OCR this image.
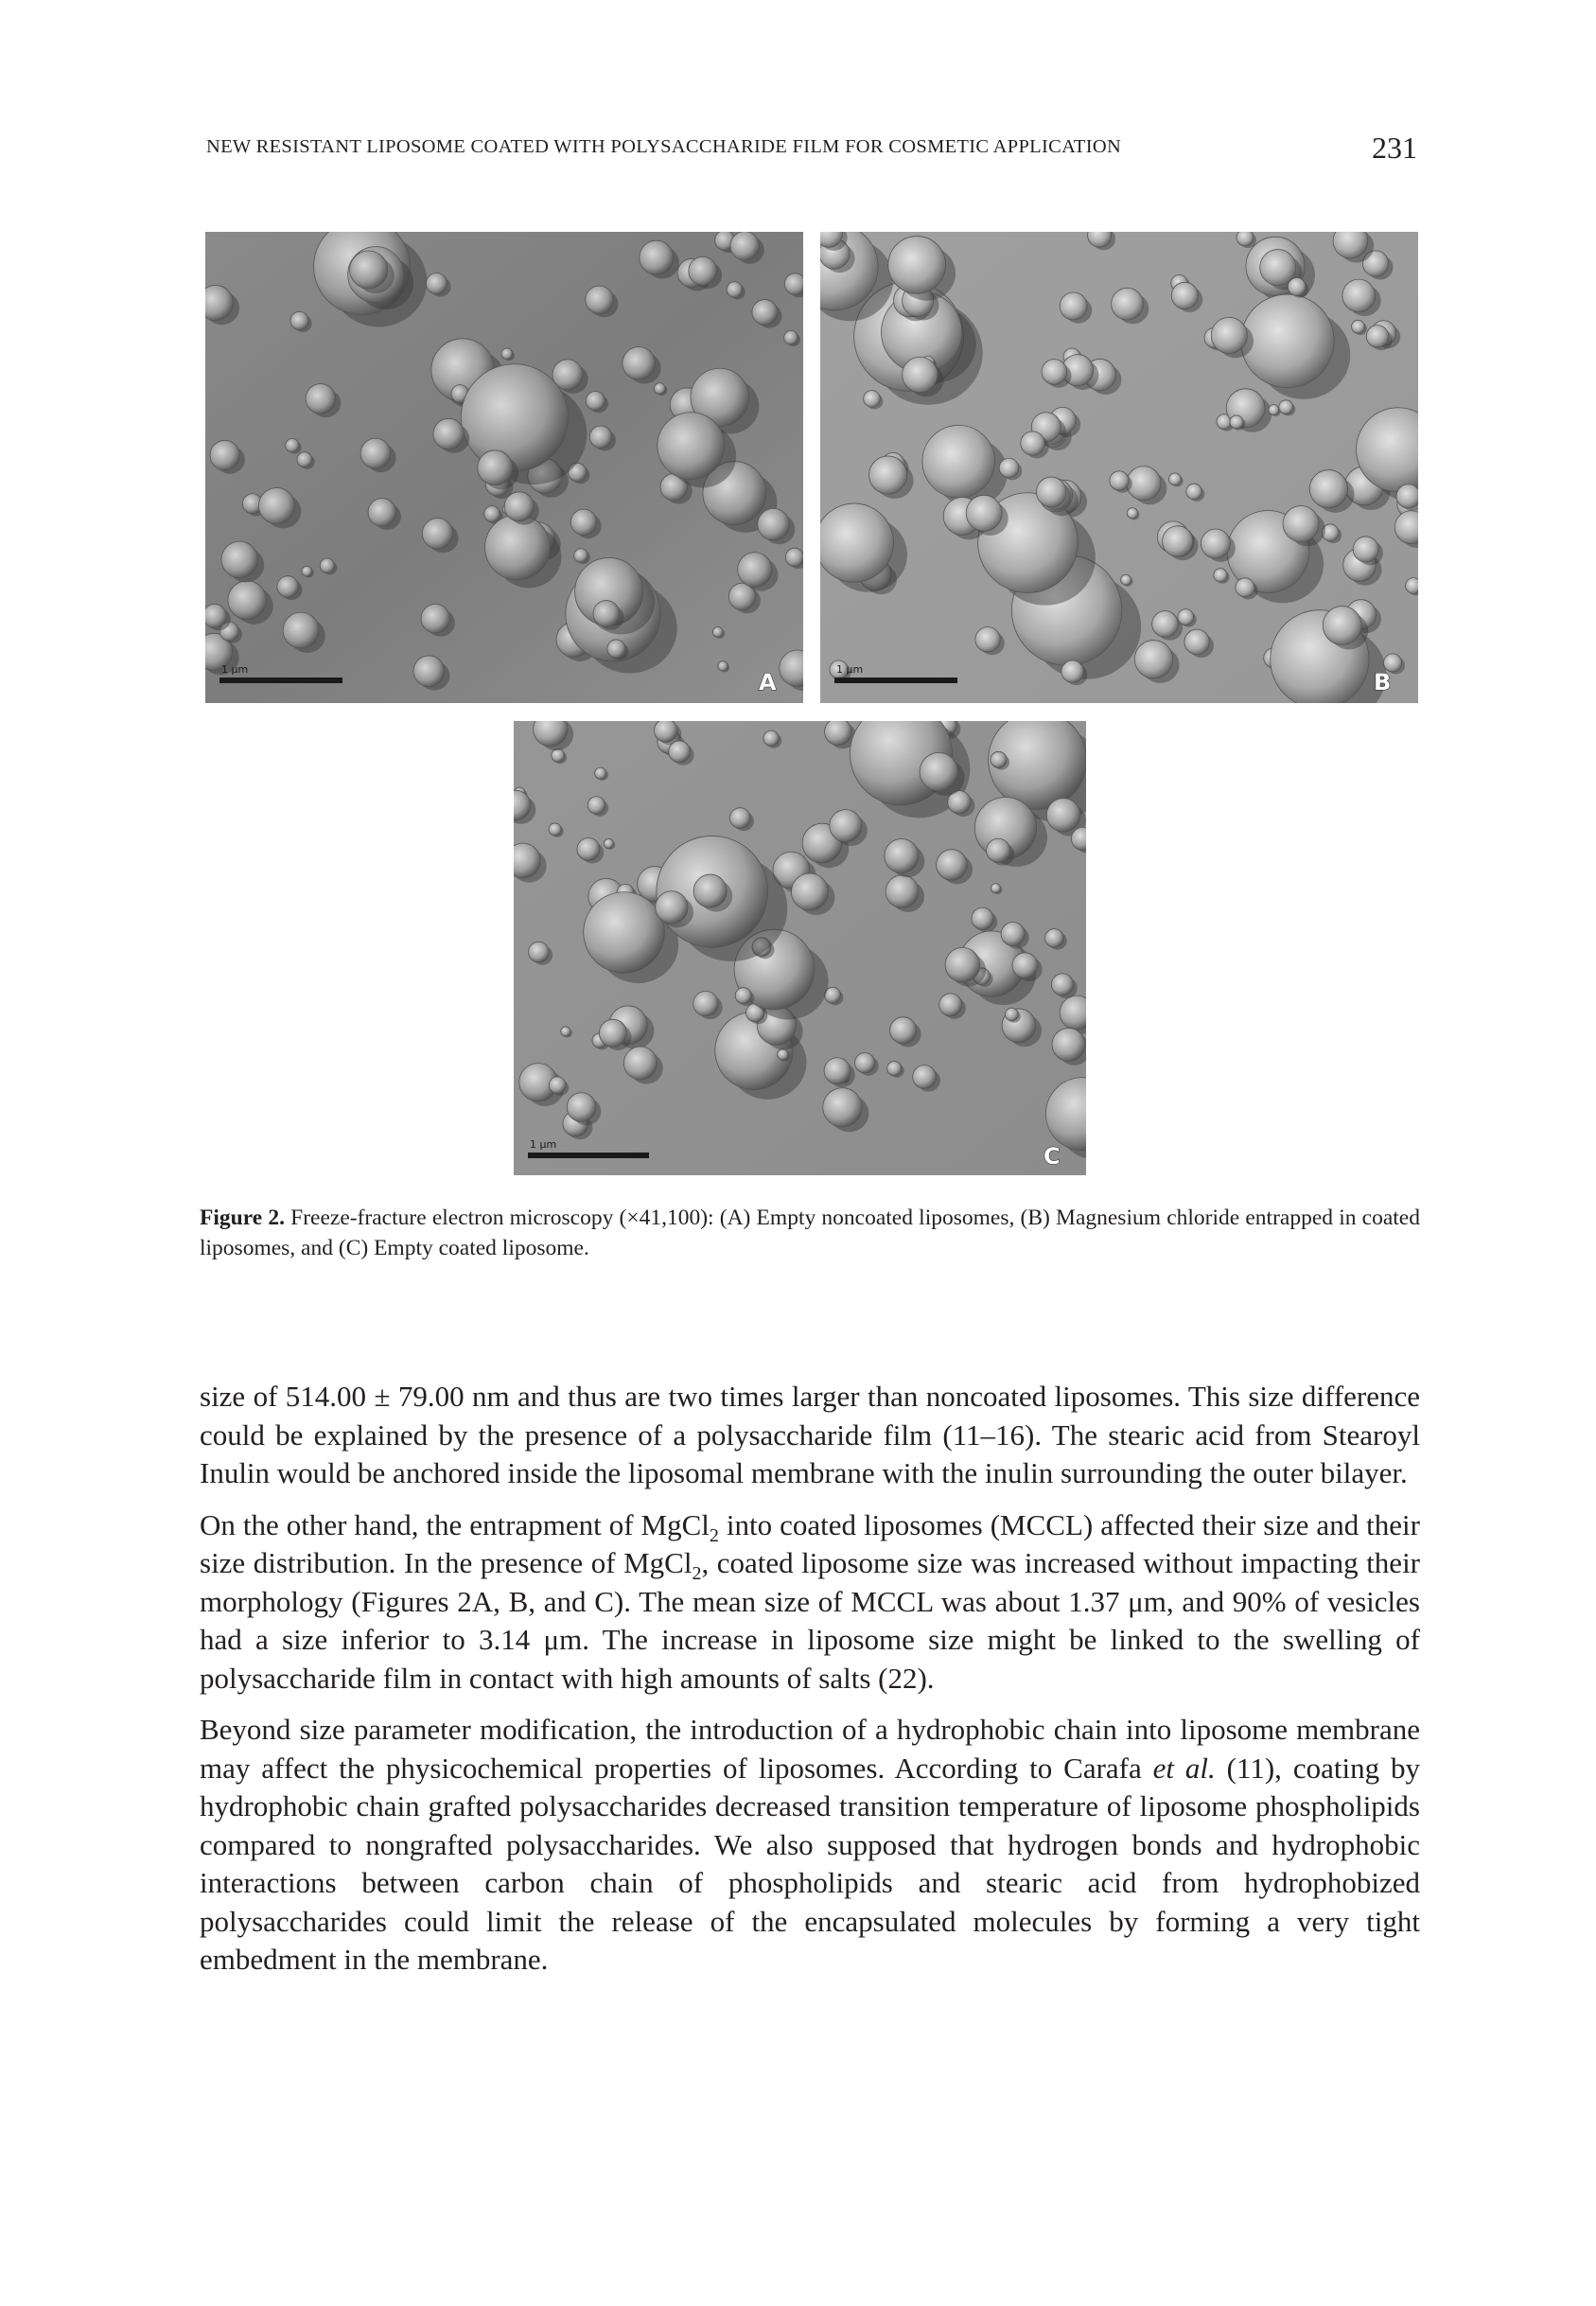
NEW RESISTANT LIPOSOME COATED WITH POLYSACCHARIDE FILM FOR COSMETIC APPLICATION	231
1 μm	A	1 μm	B
1 μm	C
Figure 2. Freeze-fracture electron microscopy (×41,100): (A) Empty noncoated liposomes, (B) Magnesium chloride entrapped in coated liposomes, and (C) Empty coated liposome.

size of 514.00 ± 79.00 nm and thus are two times larger than noncoated liposomes. This size difference could be explained by the presence of a polysaccharide film (11–16). The stearic acid from Stearoyl Inulin would be anchored inside the liposomal membrane with the inulin surrounding the outer bilayer.

On the other hand, the entrapment of MgCl$_2$ into coated liposomes (MCCL) affected their size and their size distribution. In the presence of MgCl$_2$, coated liposome size was increased without impacting their morphology (Figures 2A, B, and C). The mean size of MCCL was about 1.37 μm, and 90% of vesicles had a size inferior to 3.14 μm. The increase in liposome size might be linked to the swelling of polysaccharide film in contact with high amounts of salts (22).

Beyond size parameter modification, the introduction of a hydrophobic chain into liposome membrane may affect the physicochemical properties of liposomes. According to Carafa et al. (11), coating by hydrophobic chain grafted polysaccharides decreased transition temperature of liposome phospholipids compared to nongrafted polysaccharides. We also supposed that hydrogen bonds and hydrophobic interactions between carbon chain of phospholipids and stearic acid from hydrophobized polysaccharides could limit the release of the encapsulated molecules by forming a very tight embedment in the membrane.
